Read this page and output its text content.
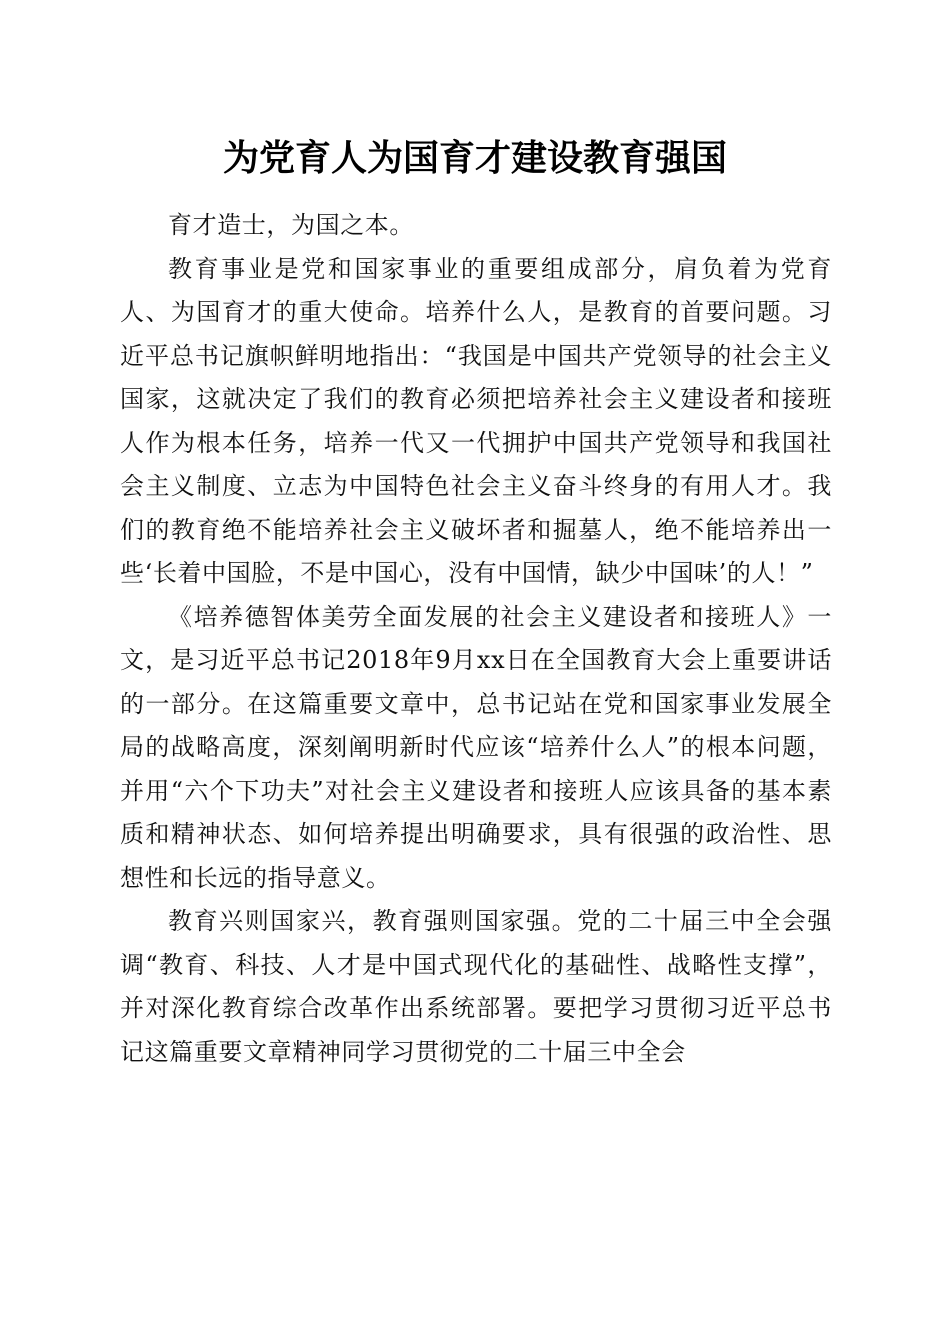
为党育人为国育才建设教育强国

育才造士，为国之本。

教育事业是党和国家事业的重要组成部分，肩负着为党育人、为国育才的重大使命。培养什么人，是教育的首要问题。习近平总书记旗帜鲜明地指出：“我国是中国共产党领导的社会主义国家，这就决定了我们的教育必须把培养社会主义建设者和接班人作为根本任务，培养一代又一代拥护中国共产党领导和我国社会主义制度、立志为中国特色社会主义奋斗终身的有用人才。我们的教育绝不能培养社会主义破坏者和掘墓人，绝不能培养出一些‘长着中国脸，不是中国心，没有中国情，缺少中国味’的人！”

《培养德智体美劳全面发展的社会主义建设者和接班人》一文，是习近平总书记2018年9月xx日在全国教育大会上重要讲话的一部分。在这篇重要文章中，总书记站在党和国家事业发展全局的战略高度，深刻阐明新时代应该“培养什么人”的根本问题，并用“六个下功夫”对社会主义建设者和接班人应该具备的基本素质和精神状态、如何培养提出明确要求，具有很强的政治性、思想性和长远的指导意义。

教育兴则国家兴，教育强则国家强。党的二十届三中全会强调“教育、科技、人才是中国式现代化的基础性、战略性支撑”，并对深化教育综合改革作出系统部署。要把学习贯彻习近平总书记这篇重要文章精神同学习贯彻党的二十届三中全会
